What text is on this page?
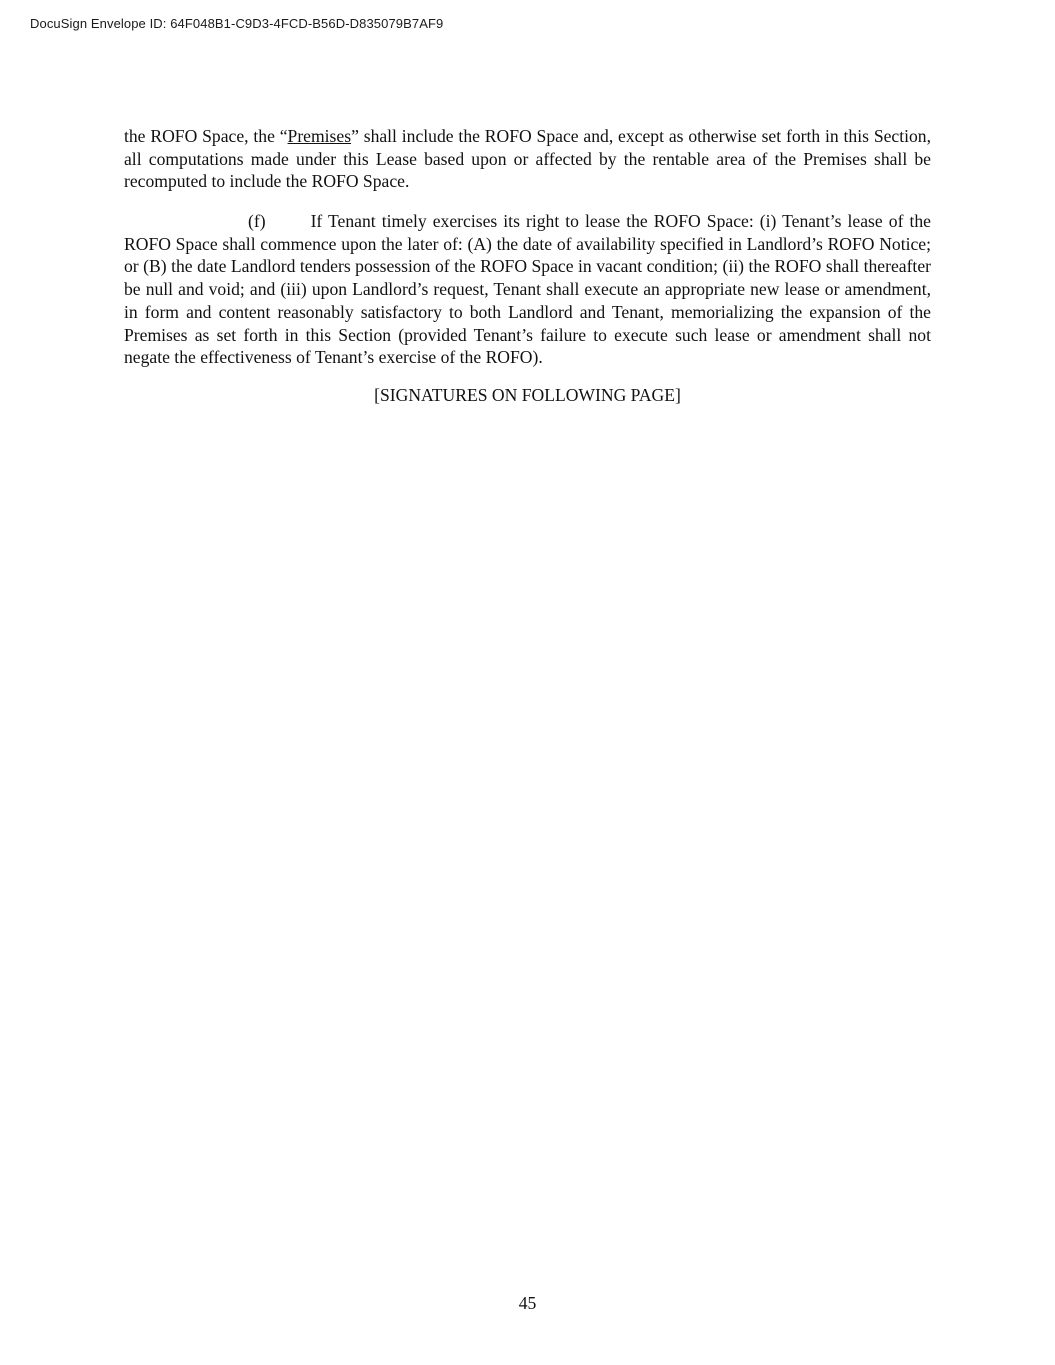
DocuSign Envelope ID: 64F048B1-C9D3-4FCD-B56D-D835079B7AF9

the ROFO Space, the “Premises” shall include the ROFO Space and, except as otherwise set forth in this Section, all computations made under this Lease based upon or affected by the rentable area of the Premises shall be recomputed to include the ROFO Space.

(f)	If Tenant timely exercises its right to lease the ROFO Space: (i) Tenant’s lease of the ROFO Space shall commence upon the later of: (A) the date of availability specified in Landlord’s ROFO Notice; or (B) the date Landlord tenders possession of the ROFO Space in vacant condition; (ii) the ROFO shall thereafter be null and void; and (iii) upon Landlord’s request, Tenant shall execute an appropriate new lease or amendment, in form and content reasonably satisfactory to both Landlord and Tenant, memorializing the expansion of the Premises as set forth in this Section (provided Tenant’s failure to execute such lease or amendment shall not negate the effectiveness of Tenant’s exercise of the ROFO).

[SIGNATURES ON FOLLOWING PAGE]

45
